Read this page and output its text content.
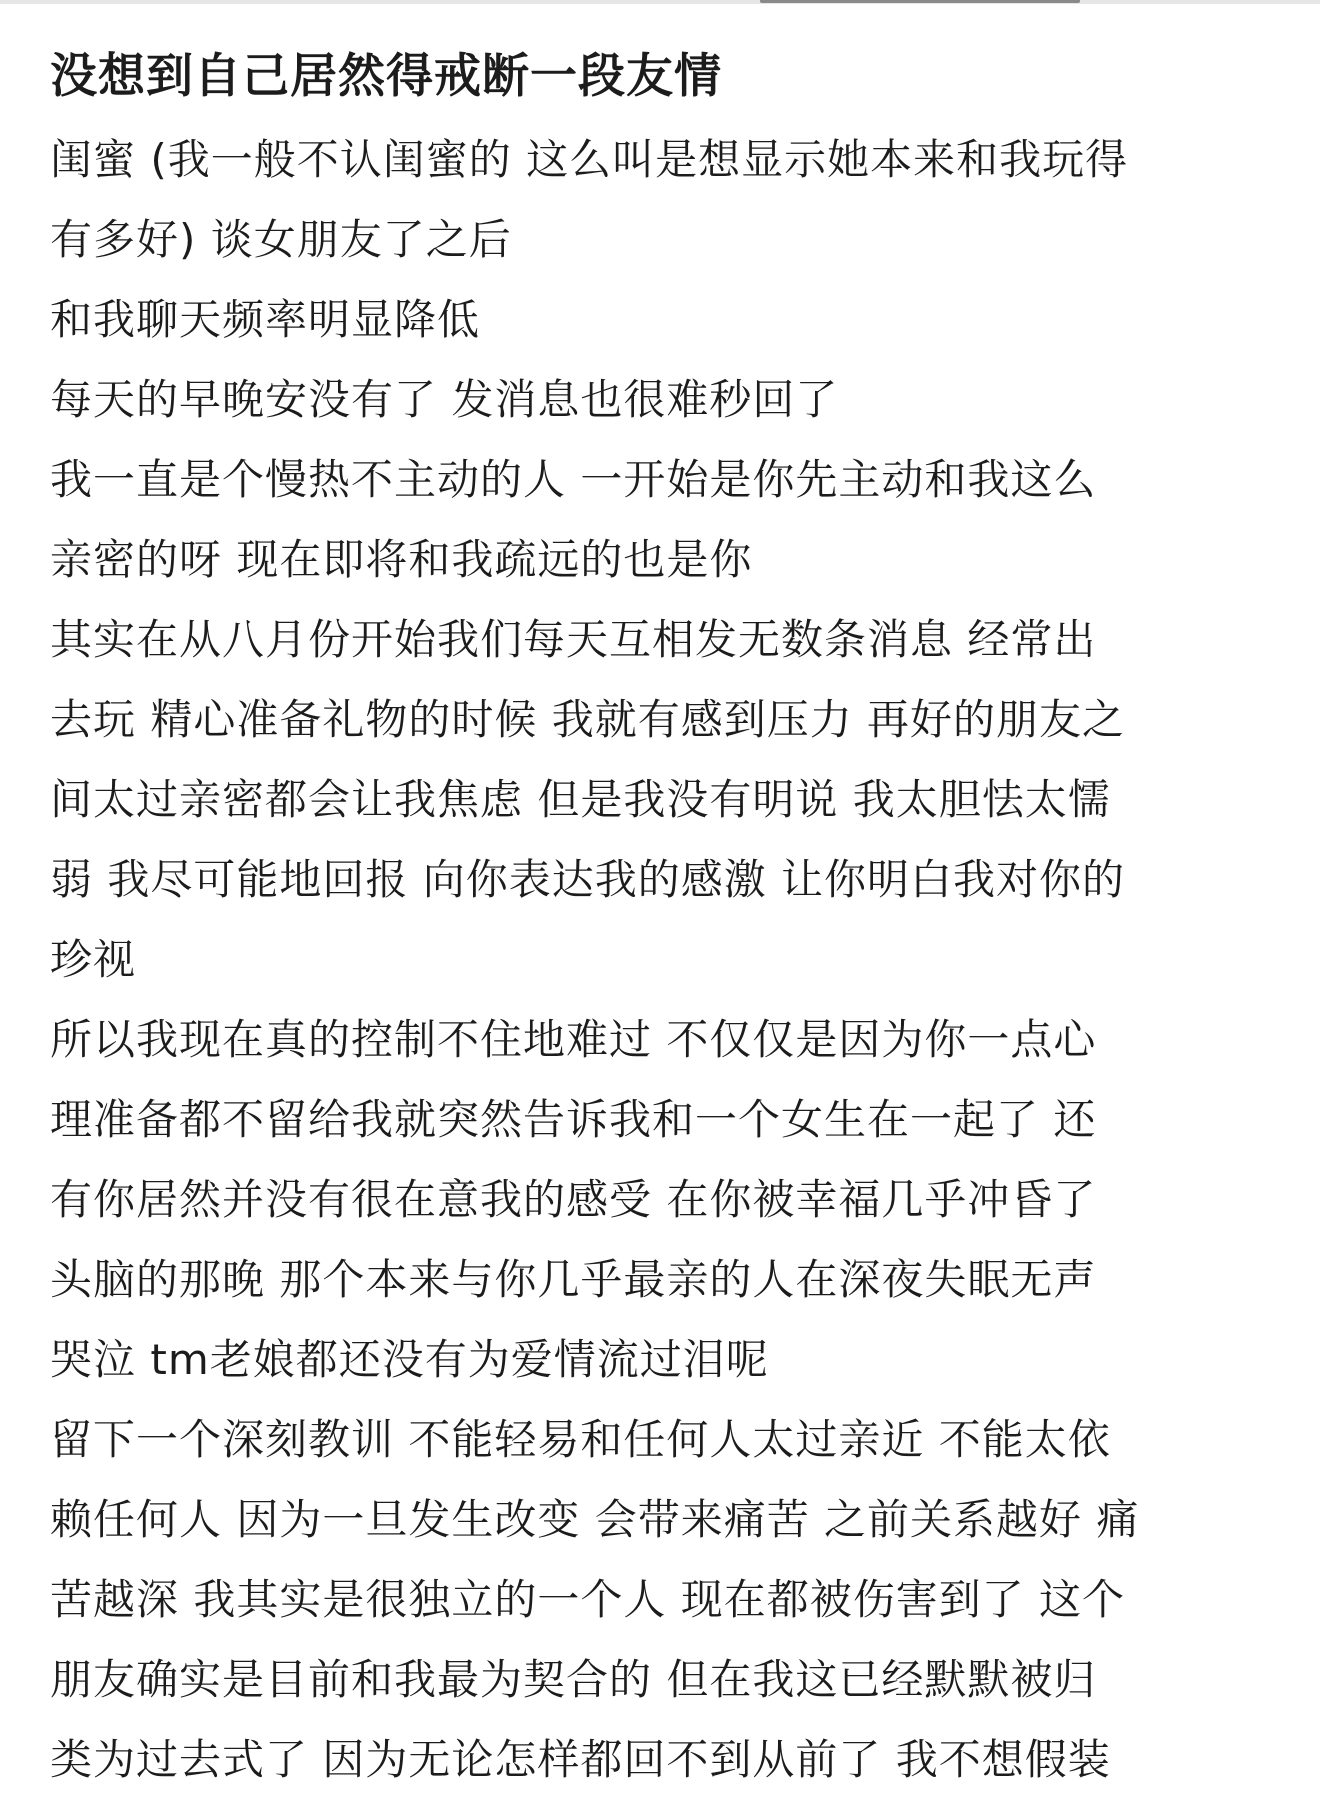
没想到自己居然得戒断一段友情
闺蜜 (我一般不认闺蜜的 这么叫是想显示她本来和我玩得
有多好) 谈女朋友了之后
和我聊天频率明显降低
每天的早晚安没有了 发消息也很难秒回了
我一直是个慢热不主动的人 一开始是你先主动和我这么
亲密的呀 现在即将和我疏远的也是你
其实在从八月份开始我们每天互相发无数条消息 经常出
去玩 精心准备礼物的时候 我就有感到压力 再好的朋友之
间太过亲密都会让我焦虑 但是我没有明说 我太胆怯太懦
弱 我尽可能地回报 向你表达我的感激 让你明白我对你的
珍视
所以我现在真的控制不住地难过 不仅仅是因为你一点心
理准备都不留给我就突然告诉我和一个女生在一起了 还
有你居然并没有很在意我的感受 在你被幸福几乎冲昏了
头脑的那晚 那个本来与你几乎最亲的人在深夜失眠无声
哭泣 tm老娘都还没有为爱情流过泪呢
留下一个深刻教训 不能轻易和任何人太过亲近 不能太依
赖任何人 因为一旦发生改变 会带来痛苦 之前关系越好 痛
苦越深 我其实是很独立的一个人 现在都被伤害到了 这个
朋友确实是目前和我最为契合的 但在我这已经默默被归
类为过去式了 因为无论怎样都回不到从前了 我不想假装
